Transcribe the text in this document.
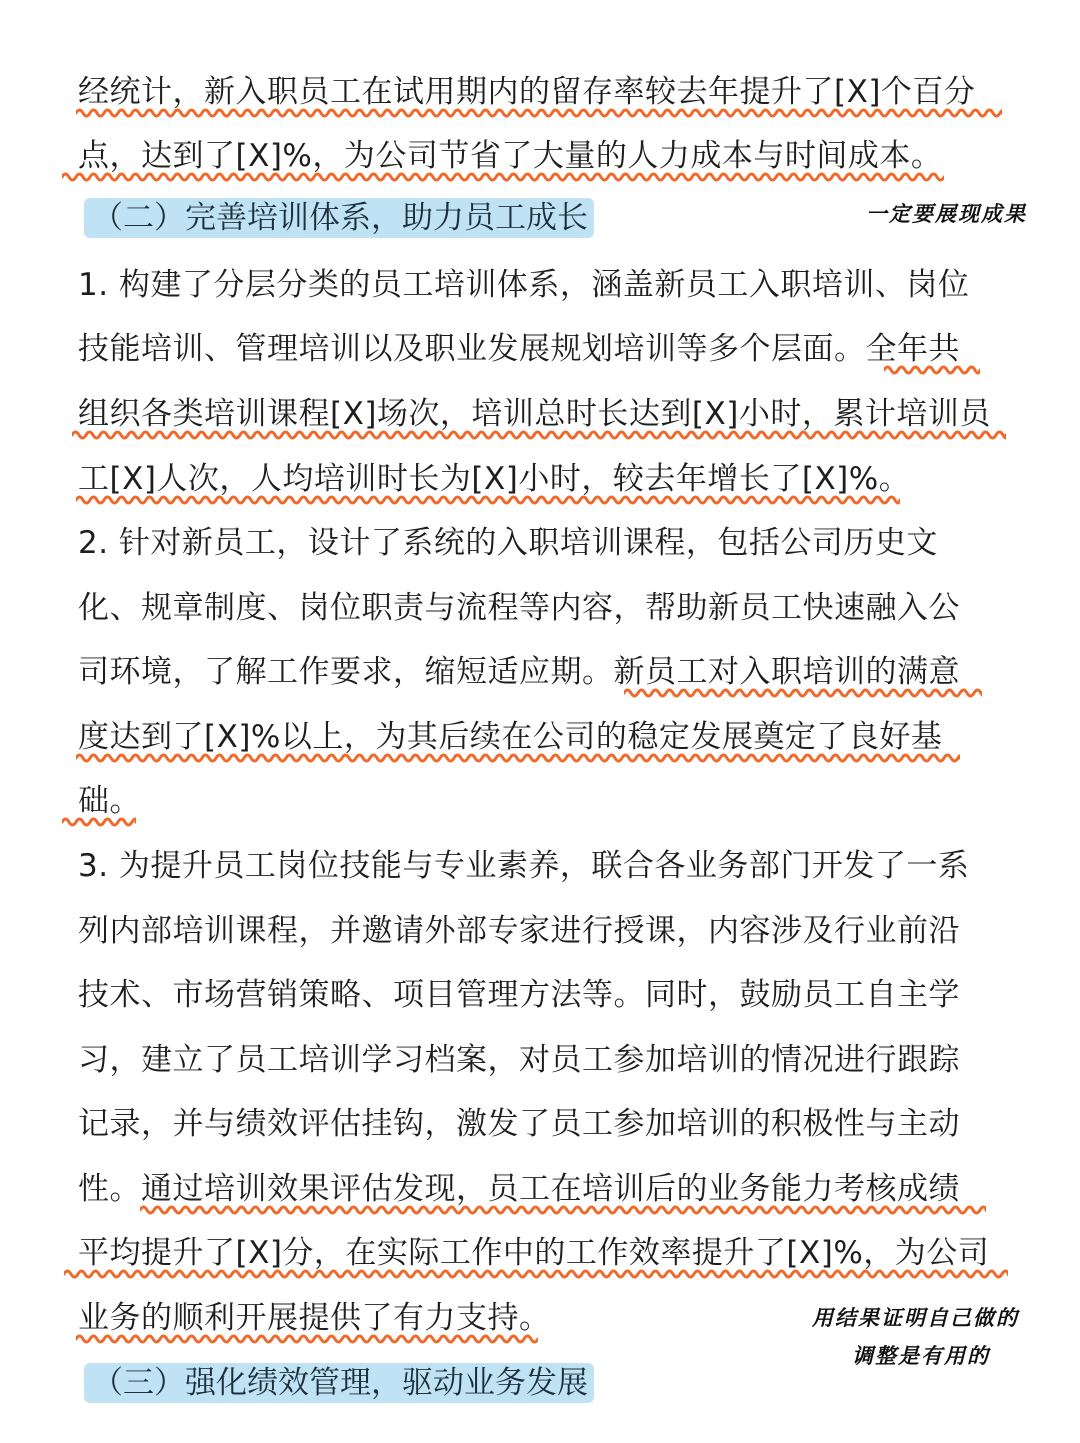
经统计，新入职员工在试用期内的留存率较去年提升了[X]个百分
点，达到了[X]%，为公司节省了大量的人力成本与时间成本。
（二）完善培训体系，助力员工成长	一定要展现成果
1. 构建了分层分类的员工培训体系，涵盖新员工入职培训、岗位
技能培训、管理培训以及职业发展规划培训等多个层面。全年共
组织各类培训课程[X]场次，培训总时长达到[X]小时，累计培训员
工[X]人次，人均培训时长为[X]小时，较去年增长了[X]%。
2. 针对新员工，设计了系统的入职培训课程，包括公司历史文
化、规章制度、岗位职责与流程等内容，帮助新员工快速融入公
司环境，了解工作要求，缩短适应期。新员工对入职培训的满意
度达到了[X]%以上，为其后续在公司的稳定发展奠定了良好基
础。
3. 为提升员工岗位技能与专业素养，联合各业务部门开发了一系
列内部培训课程，并邀请外部专家进行授课，内容涉及行业前沿
技术、市场营销策略、项目管理方法等。同时，鼓励员工自主学
习，建立了员工培训学习档案，对员工参加培训的情况进行跟踪
记录，并与绩效评估挂钩，激发了员工参加培训的积极性与主动
性。通过培训效果评估发现，员工在培训后的业务能力考核成绩
平均提升了[X]分，在实际工作中的工作效率提升了[X]%，为公司
业务的顺利开展提供了有力支持。	用结果证明自己做的
调整是有用的
（三）强化绩效管理，驱动业务发展
